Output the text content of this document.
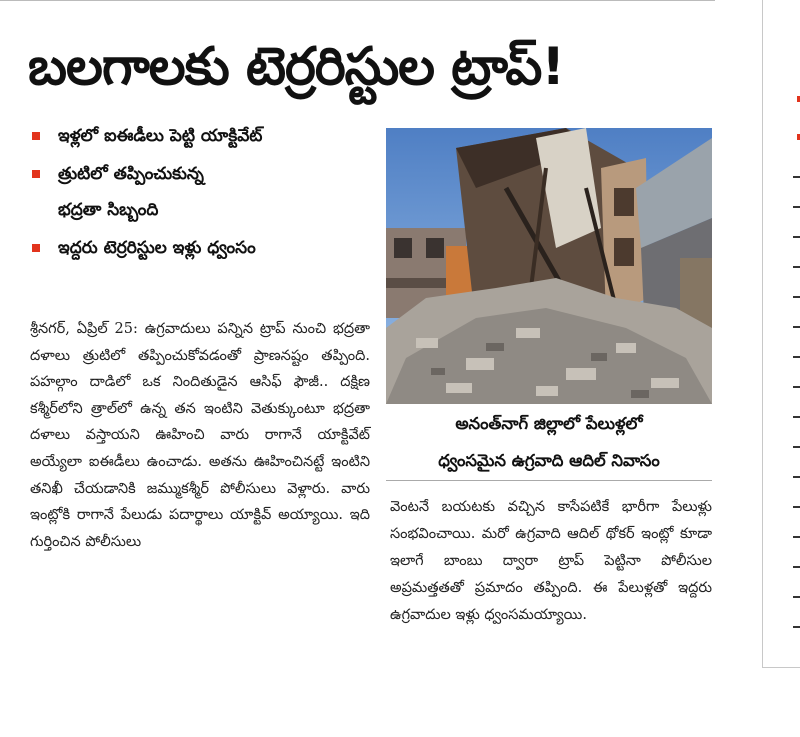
బలగాలకు టెర్రరిస్టుల ట్రాప్!
ఇళ్లలో ఐఈడీలు పెట్టి యాక్టివేట్
త్రుటిలో తప్పించుకున్న
భద్రతా సిబ్బంది
ఇద్దరు టెర్రరిస్టుల ఇళ్లు ధ్వంసం
శ్రీనగర్, ఏప్రిల్ 25: ఉగ్రవాదులు పన్నిన ట్రాప్ నుంచి భద్రతా దళాలు త్రుటిలో తప్పించుకోవడంతో ప్రాణనష్టం తప్పింది. పహల్గాం దాడిలో ఒక నిందితుడైన ఆసిఫ్ ఫౌజీ.. దక్షిణ కశ్మీర్‌లోని త్రాల్‌లో ఉన్న తన ఇంటిని వెతుక్కుంటూ భద్రతా దళాలు వస్తాయని ఊహించి వారు రాగానే యాక్టివేట్ అయ్యేలా ఐఈడీలు ఉంచాడు. అతను ఊహించినట్టే ఇంటిని తనిఖీ చేయడానికి జమ్ముకశ్మీర్ పోలీసులు వెళ్లారు. వారు ఇంట్లోకి రాగానే పేలుడు పదార్థాలు యాక్టివ్ అయ్యాయి. ఇది గుర్తించిన పోలీసులు
అనంత్‌నాగ్ జిల్లాలో పేలుళ్లలో
ధ్వంసమైన ఉగ్రవాది ఆదిల్ నివాసం
వెంటనే బయటకు వచ్చిన కాసేపటికే భారీగా పేలుళ్లు సంభవించాయి. మరో ఉగ్రవాది ఆదిల్ థోకర్ ఇంట్లో కూడా ఇలాగే బాంబు ద్వారా ట్రాప్ పెట్టినా పోలీసుల అప్రమత్తతతో ప్రమాదం తప్పింది. ఈ పేలుళ్లతో ఇద్దరు ఉగ్రవాదుల ఇళ్లు ధ్వంసమయ్యాయి.
